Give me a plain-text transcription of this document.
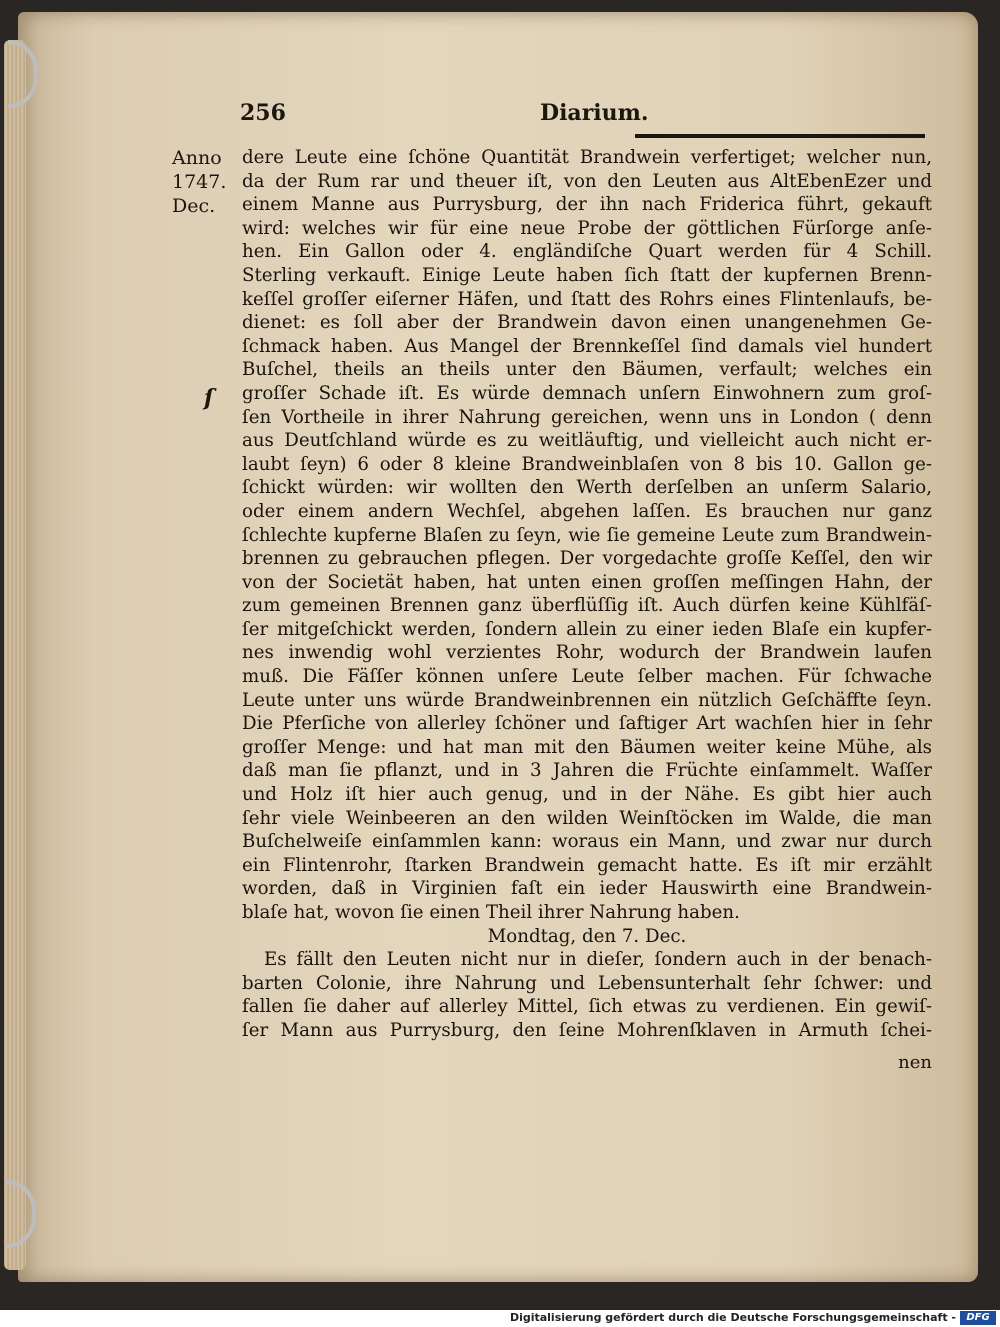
256	Diarium.
Anno
1747.
Dec.
ſ
dere Leute eine ſchöne Quantität Brandwein verfertiget; welcher nun,
da der Rum rar und theuer iſt, von den Leuten aus AltEbenEzer und
einem Manne aus Purrysburg, der ihn nach Friderica führt, gekauft
wird: welches wir für eine neue Probe der göttlichen Fürſorge anſe-
hen. Ein Gallon oder 4. engländiſche Quart werden für 4 Schill.
Sterling verkauft. Einige Leute haben ſich ſtatt der kupfernen Brenn-
keſſel groſſer eiſerner Häfen, und ſtatt des Rohrs eines Flintenlaufs, be-
dienet: es ſoll aber der Brandwein davon einen unangenehmen Ge-
ſchmack haben. Aus Mangel der Brennkeſſel ſind damals viel hundert
Buſchel, theils an theils unter den Bäumen, verfault; welches ein
groſſer Schade iſt. Es würde demnach unſern Einwohnern zum groſ-
ſen Vortheile in ihrer Nahrung gereichen, wenn uns in London ( denn
aus Deutſchland würde es zu weitläuftig, und vielleicht auch nicht er-
laubt ſeyn) 6 oder 8 kleine Brandweinblaſen von 8 bis 10. Gallon ge-
ſchickt würden: wir wollten den Werth derſelben an unſerm Salario,
oder einem andern Wechſel, abgehen laſſen. Es brauchen nur ganz
ſchlechte kupferne Blaſen zu ſeyn, wie ſie gemeine Leute zum Brandwein-
brennen zu gebrauchen pflegen. Der vorgedachte groſſe Keſſel, den wir
von der Societät haben, hat unten einen groſſen meſſingen Hahn, der
zum gemeinen Brennen ganz überflüſſig iſt. Auch dürfen keine Kühlfäſ-
ſer mitgeſchickt werden, ſondern allein zu einer ieden Blaſe ein kupfer-
nes inwendig wohl verzientes Rohr, wodurch der Brandwein laufen
muß. Die Fäſſer können unſere Leute ſelber machen. Für ſchwache
Leute unter uns würde Brandweinbrennen ein nützlich Geſchäffte ſeyn.
Die Pferſiche von allerley ſchöner und ſaftiger Art wachſen hier in ſehr
groſſer Menge: und hat man mit den Bäumen weiter keine Mühe, als
daß man ſie pflanzt, und in 3 Jahren die Früchte einſammelt. Waſſer
und Holz iſt hier auch genug, und in der Nähe. Es gibt hier auch
ſehr viele Weinbeeren an den wilden Weinſtöcken im Walde, die man
Buſchelweiſe einſammlen kann: woraus ein Mann, und zwar nur durch
ein Flintenrohr, ſtarken Brandwein gemacht hatte. Es iſt mir erzählt
worden, daß in Virginien faſt ein ieder Hauswirth eine Brandwein-
blaſe hat, wovon ſie einen Theil ihrer Nahrung haben.
Mondtag, den 7. Dec.
Es fällt den Leuten nicht nur in dieſer, ſondern auch in der benach-
barten Colonie, ihre Nahrung und Lebensunterhalt ſehr ſchwer: und
fallen ſie daher auf allerley Mittel, ſich etwas zu verdienen. Ein gewiſ-
ſer Mann aus Purrysburg, den ſeine Mohrenſklaven in Armuth ſchei-
nen
Digitalisierung gefördert durch die Deutsche Forschungsgemeinschaft -	DFG
